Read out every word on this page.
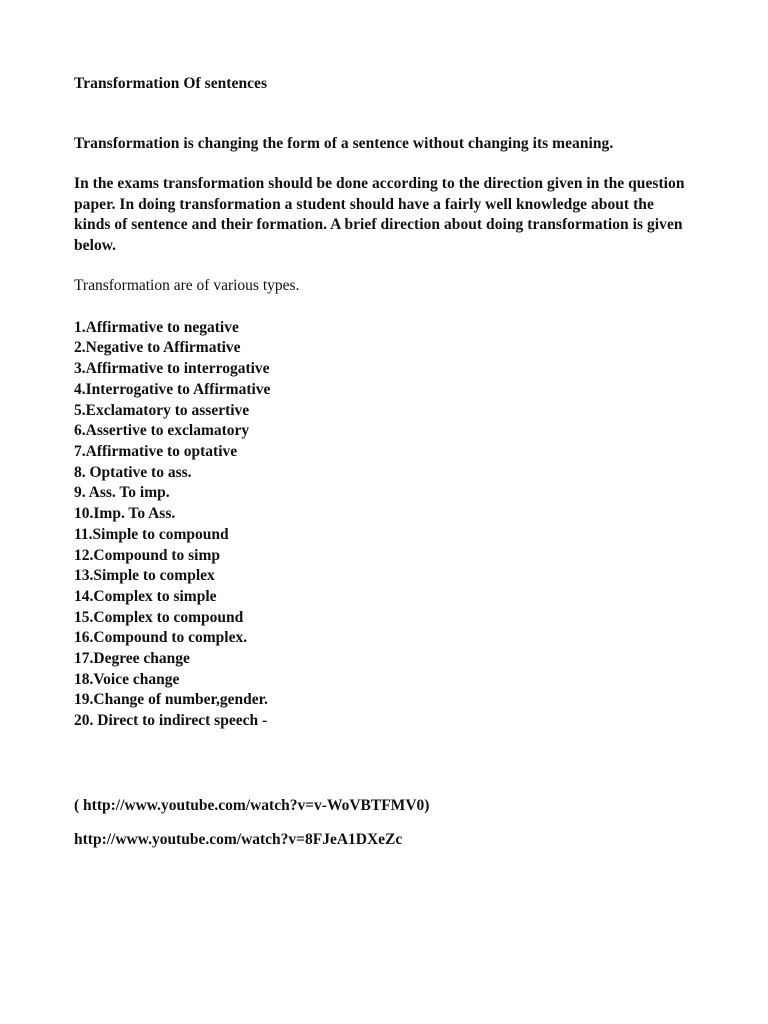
Transformation Of sentences

Transformation is changing the form of a sentence without changing its meaning.

In the exams transformation should be done according to the direction given in the question paper. In doing transformation a student should have a fairly well knowledge about the kinds of sentence and their formation. A brief direction about doing transformation is given below.

Transformation are of various types.

1.Affirmative to negative
2.Negative to Affirmative
3.Affirmative to interrogative
4.Interrogative to Affirmative
5.Exclamatory to assertive
6.Assertive to exclamatory
7.Affirmative to optative
8. Optative to ass.
9. Ass. To imp.
10.Imp. To Ass.
11.Simple to compound
12.Compound to simp
13.Simple to complex
14.Complex to simple
15.Complex to compound
16.Compound to complex.
17.Degree change
18.Voice change
19.Change of number,gender.
20. Direct to indirect speech -
( http://www.youtube.com/watch?v=v-WoVBTFMV0)
http://www.youtube.com/watch?v=8FJeA1DXeZc
